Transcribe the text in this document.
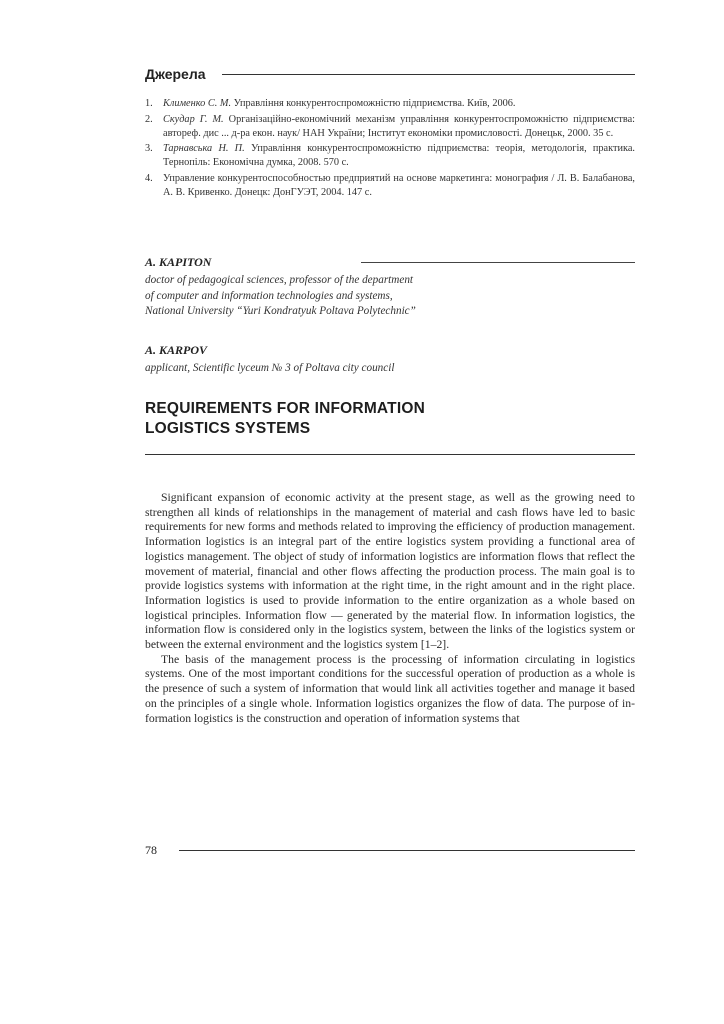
Джерела
1. Клименко С. М. Управління конкурентоспроможністю підприємства. Київ, 2006.
2. Скудар Г. М. Організаційно-економічний механізм управління конкурентоспроможністю підприємства: автореф. дис ... д-ра екон. наук/ НАН України; Інститут економіки промисловості. Донецьк, 2000. 35 с.
3. Тарнавська Н. П. Управління конкурентоспроможністю підприємства: теорія, методологія, практика. Тернопіль: Економічна думка, 2008. 570 с.
4. Управление конкурентоспособностью предприятий на основе маркетинга: монография / Л. В. Балабанова, А. В. Кривенко. Донецк: ДонГУЭТ, 2004. 147 с.
A. KAPITON
doctor of pedagogical sciences, professor of the department
of computer and information technologies and systems,
National University “Yuri Kondratyuk Poltava Polytechnic”
A. KARPOV
applicant, Scientific lyceum № 3 of Poltava city council
REQUIREMENTS FOR INFORMATION
LOGISTICS SYSTEMS

Significant expansion of economic activity at the present stage, as well as the growing need to strengthen all kinds of relationships in the management of material and cash flows have led to basic requirements for new forms and methods related to improving the efficiency of production management. Information logistics is an integral part of the entire logistics system providing a functional area of logistics management. The object of study of information logistics are information flows that reflect the movement of material, financial and other flows affecting the production process. The main goal is to provide logistics systems with information at the right time, in the right amount and in the right place. Information logistics is used to provide information to the entire organization as a whole based on logistical principles. Information flow — generated by the material flow. In information logistics, the information flow is considered only in the logistics system, between the links of the logistics system or between the external environment and the logistics system [1–2].

The basis of the management process is the processing of information circulating in logistics systems. One of the most important conditions for the successful operation of production as a whole is the presence of such a system of information that would link all activities together and manage it based on the principles of a single whole. Information logistics organizes the flow of data. The purpose of information logistics is the construction and operation of information systems that

78
